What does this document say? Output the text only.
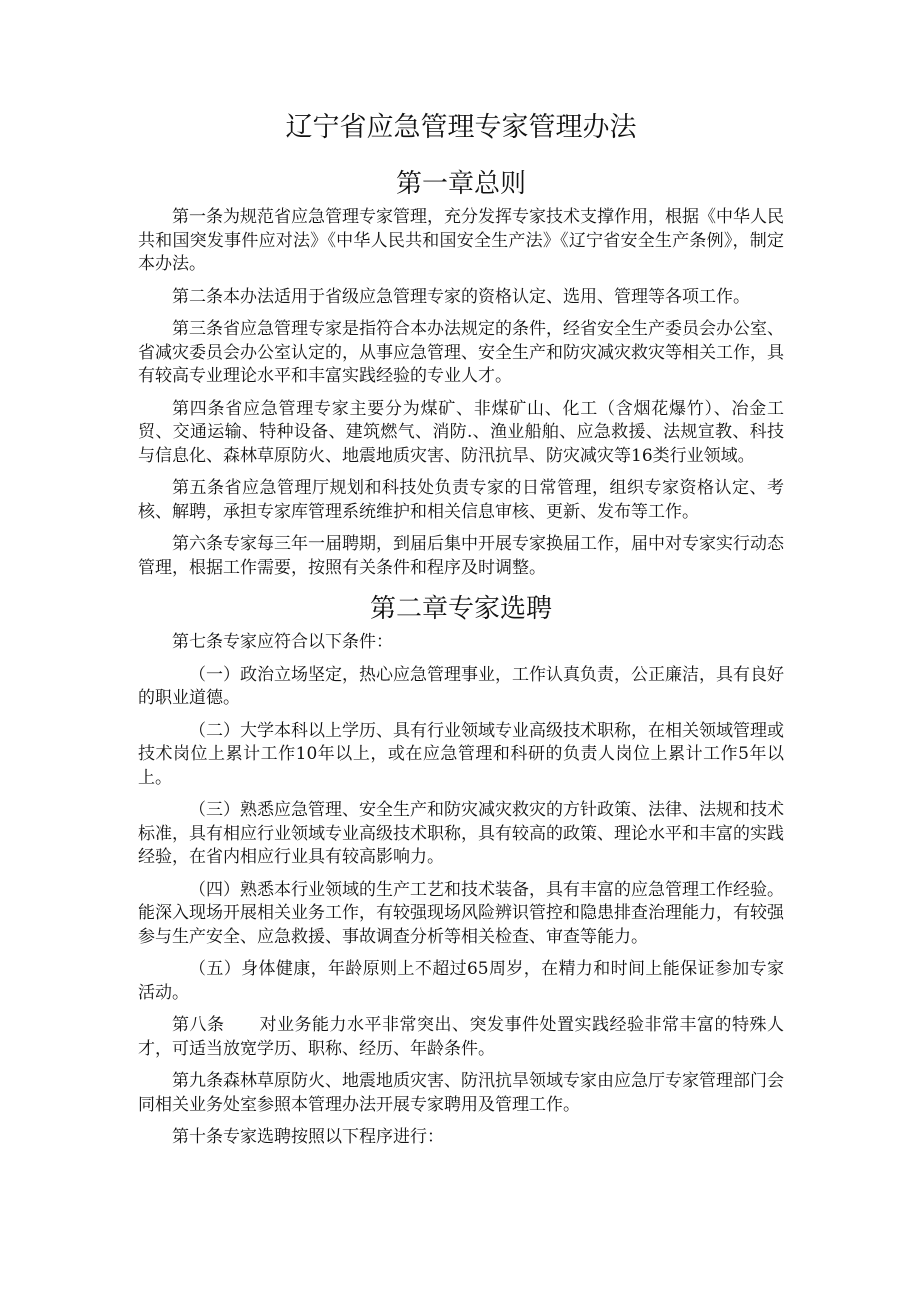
辽宁省应急管理专家管理办法
第一章总则

第一条为规范省应急管理专家管理，充分发挥专家技术支撑作用，根据《中华人民共和国突发事件应对法》《中华人民共和国安全生产法》《辽宁省安全生产条例》，制定本办法。

第二条本办法适用于省级应急管理专家的资格认定、选用、管理等各项工作。

第三条省应急管理专家是指符合本办法规定的条件，经省安全生产委员会办公室、省减灾委员会办公室认定的，从事应急管理、安全生产和防灾减灾救灾等相关工作，具有较高专业理论水平和丰富实践经验的专业人才。

第四条省应急管理专家主要分为煤矿、非煤矿山、化工（含烟花爆竹）、冶金工贸、交通运输、特种设备、建筑燃气、消防.、渔业船舶、应急救援、法规宣教、科技与信息化、森林草原防火、地震地质灾害、防汛抗旱、防灾减灾等16类行业领域。

第五条省应急管理厅规划和科技处负责专家的日常管理，组织专家资格认定、考核、解聘，承担专家库管理系统维护和相关信息审核、更新、发布等工作。

第六条专家每三年一届聘期，到届后集中开展专家换届工作，届中对专家实行动态管理，根据工作需要，按照有关条件和程序及时调整。

第二章专家选聘

第七条专家应符合以下条件：

（一）政治立场坚定，热心应急管理事业，工作认真负责，公正廉洁，具有良好的职业道德。

（二）大学本科以上学历、具有行业领域专业高级技术职称，在相关领域管理或技术岗位上累计工作10年以上，或在应急管理和科研的负责人岗位上累计工作5年以上。

（三）熟悉应急管理、安全生产和防灾减灾救灾的方针政策、法律、法规和技术标准，具有相应行业领域专业高级技术职称，具有较高的政策、理论水平和丰富的实践经验，在省内相应行业具有较高影响力。

（四）熟悉本行业领域的生产工艺和技术装备，具有丰富的应急管理工作经验。能深入现场开展相关业务工作，有较强现场风险辨识管控和隐患排查治理能力，有较强参与生产安全、应急救援、事故调查分析等相关检查、审查等能力。

（五）身体健康，年龄原则上不超过65周岁，在精力和时间上能保证参加专家活动。

第八条　　对业务能力水平非常突出、突发事件处置实践经验非常丰富的特殊人才，可适当放宽学历、职称、经历、年龄条件。

第九条森林草原防火、地震地质灾害、防汛抗旱领域专家由应急厅专家管理部门会同相关业务处室参照本管理办法开展专家聘用及管理工作。

第十条专家选聘按照以下程序进行：
